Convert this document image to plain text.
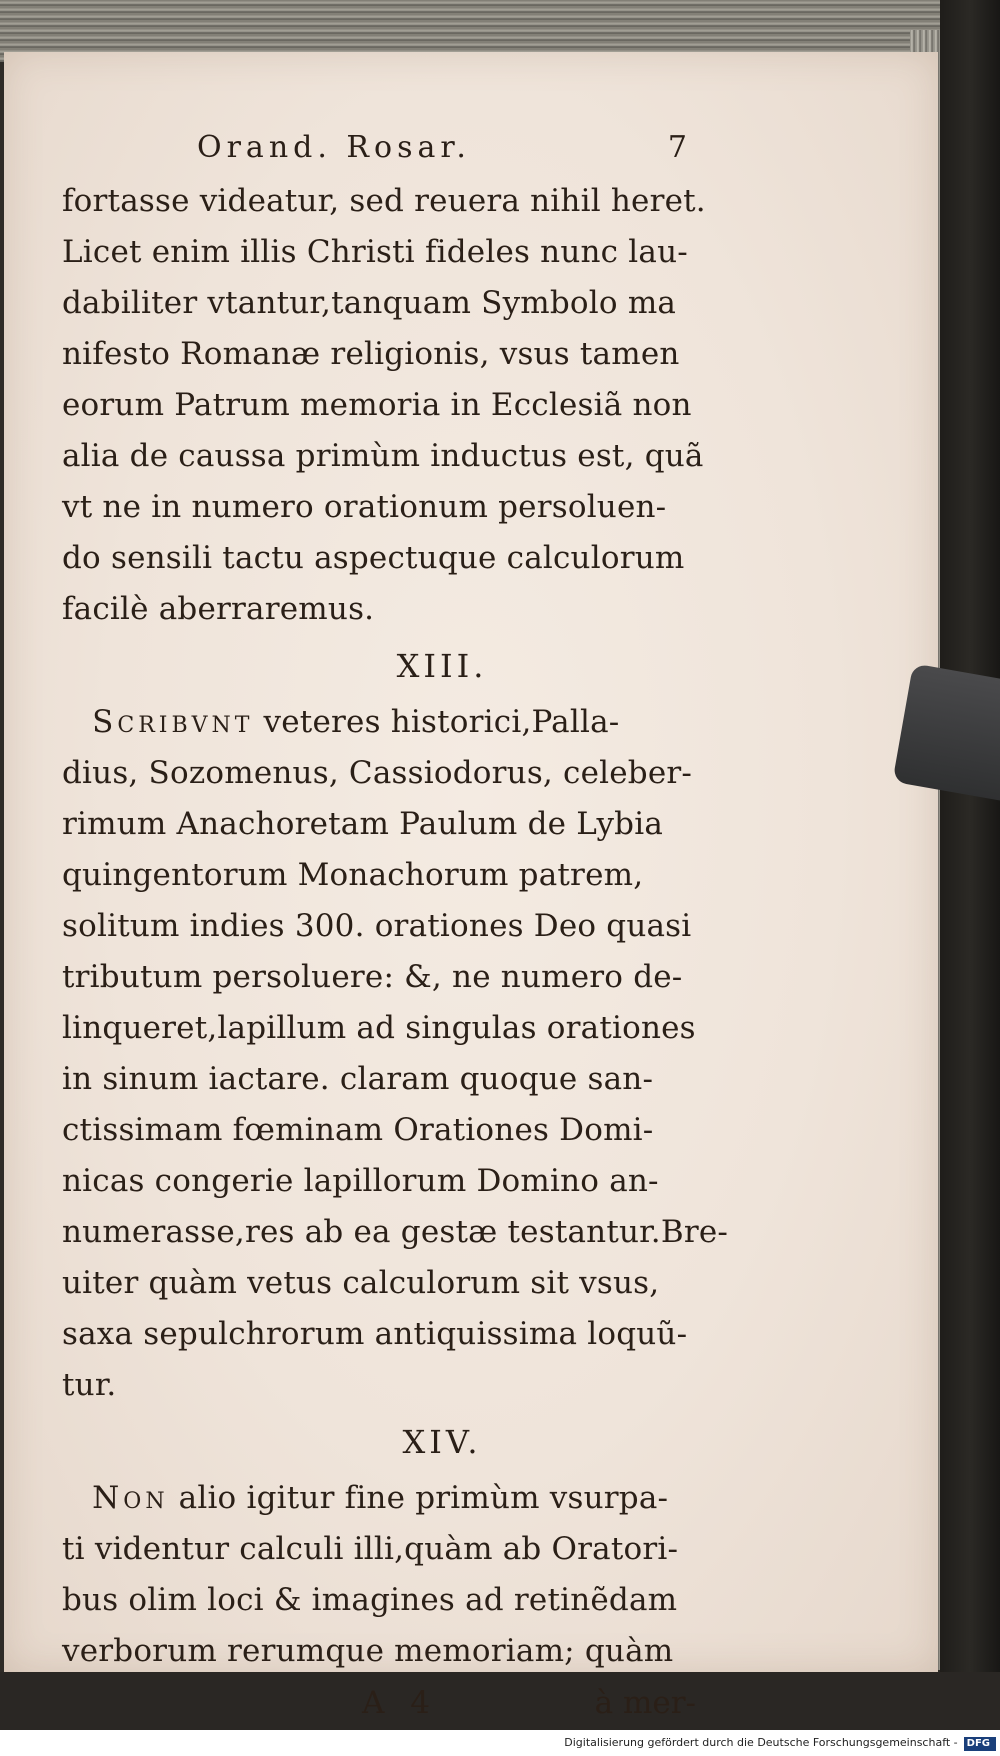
Orand. Rosar.	7
fortasse videatur, sed reuera nihil heret.
Licet enim illis Christi fideles nunc lau-
dabiliter vtantur,tanquam Symbolo ma
nifesto Romanæ religionis, vsus tamen
eorum Patrum memoria in Ecclesiã non
alia de caussa primùm inductus est, quã
vt ne in numero orationum persoluen-
do sensili tactu aspectuque calculorum
facilè aberraremus.
XIII.
Scribvnt veteres historici,Palla-
dius, Sozomenus, Cassiodorus, celeber-
rimum Anachoretam Paulum de Lybia
quingentorum Monachorum patrem,
solitum indies 300. orationes Deo quasi
tributum persoluere: &, ne numero de-
linqueret,lapillum ad singulas orationes
in sinum iactare. claram quoque san-
ctissimam fœminam Orationes Domi-
nicas congerie lapillorum Domino an-
numerasse,res ab ea gestæ testantur.Bre-
uiter quàm vetus calculorum sit vsus,
saxa sepulchrorum antiquissima loquũ-
tur.
XIV.
Non alio igitur fine primùm vsurpa-
ti videntur calculi illi,quàm ab Oratori-
bus olim loci & imagines ad retinẽdam
verborum rerumque memoriam; quàm
A 4	à mer-
Digitalisierung gefördert durch die Deutsche Forschungsgemeinschaft - DFG
